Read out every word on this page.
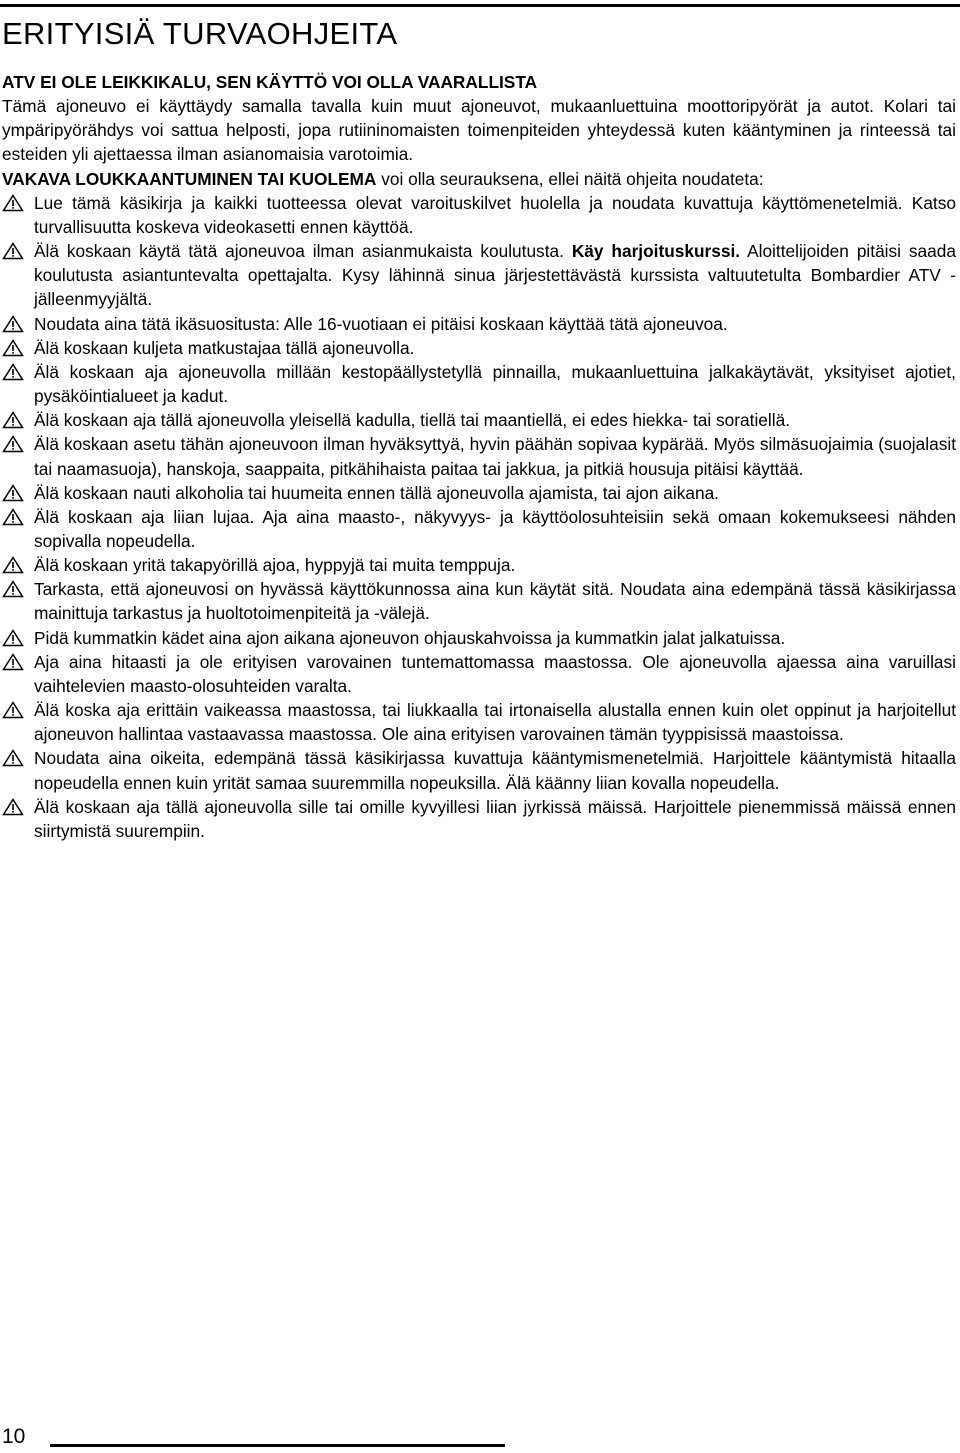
ERITYISIÄ TURVAOHJEITA

ATV EI OLE LEIKKIKALU, SEN KÄYTTÖ VOI OLLA VAARALLISTA

Tämä ajoneuvo ei käyttäydy samalla tavalla kuin muut ajoneuvot, mukaanluettuina moottoripyörät ja autot. Kolari tai ympäripyörähdys voi sattua helposti, jopa rutiininomaisten toimenpiteiden yhteydessä kuten kääntyminen ja rinteessä tai esteiden yli ajettaessa ilman asianomaisia varotoimia.

VAKAVA LOUKKAANTUMINEN TAI KUOLEMA voi olla seurauksena, ellei näitä ohjeita noudateta:

Lue tämä käsikirja ja kaikki tuotteessa olevat varoituskilvet huolella ja noudata kuvattuja käyttömenetelmiä. Katso turvallisuutta koskeva videokasetti ennen käyttöä.
Älä koskaan käytä tätä ajoneuvoa ilman asianmukaista koulutusta. Käy harjoituskurssi. Aloittelijoiden pitäisi saada koulutusta asiantuntevalta opettajalta. Kysy lähinnä sinua järjestettävästä kurssista valtuutetulta Bombardier ATV -jälleenmyyjältä.
Noudata aina tätä ikäsuositusta: Alle 16-vuotiaan ei pitäisi koskaan käyttää tätä ajoneuvoa.
Älä koskaan kuljeta matkustajaa tällä ajoneuvolla.
Älä koskaan aja ajoneuvolla millään kestopäällystetyllä pinnailla, mukaanluettuina jalkakäytävät, yksityiset ajotiet, pysäköintialueet ja kadut.
Älä koskaan aja tällä ajoneuvolla yleisellä kadulla, tiellä tai maantiellä, ei edes hiekka- tai soratiellä.
Älä koskaan asetu tähän ajoneuvoon ilman hyväksyttyä, hyvin päähän sopivaa kypärää. Myös silmäsuojaimia (suojalasit tai naamasuoja), hanskoja, saappaita, pitkähihaista paitaa tai jakkua, ja pitkiä housuja pitäisi käyttää.
Älä koskaan nauti alkoholia tai huumeita ennen tällä ajoneuvolla ajamista, tai ajon aikana.
Älä koskaan aja liian lujaa. Aja aina maasto-, näkyvyys- ja käyttöolosuhteisiin sekä omaan kokemukseesi nähden sopivalla nopeudella.
Älä koskaan yritä takapyörillä ajoa, hyppyjä tai muita temppuja.
Tarkasta, että ajoneuvosi on hyvässä käyttökunnossa aina kun käytät sitä. Noudata aina edempänä tässä käsikirjassa mainittuja tarkastus ja huoltotoimenpiteitä ja -välejä.
Pidä kummatkin kädet aina ajon aikana ajoneuvon ohjauskahvoissa ja kummatkin jalat jalkatuissa.
Aja aina hitaasti ja ole erityisen varovainen tuntemattomassa maastossa. Ole ajoneuvolla ajaessa aina varuillasi vaihtelevien maasto-olosuhteiden varalta.
Älä koska aja erittäin vaikeassa maastossa, tai liukkaalla tai irtonaisella alustalla ennen kuin olet oppinut ja harjoitellut ajoneuvon hallintaa vastaavassa maastossa. Ole aina erityisen varovainen tämän tyyppisissä maastoissa.
Noudata aina oikeita, edempänä tässä käsikirjassa kuvattuja kääntymismenetelmiä. Harjoittele kääntymistä hitaalla nopeudella ennen kuin yrität samaa suuremmilla nopeuksilla. Älä käänny liian kovalla nopeudella.
Älä koskaan aja tällä ajoneuvolla sille tai omille kyvyillesi liian jyrkissä mäissä. Harjoittele pienemmissä mäissä ennen siirtymistä suurempiin.
10
